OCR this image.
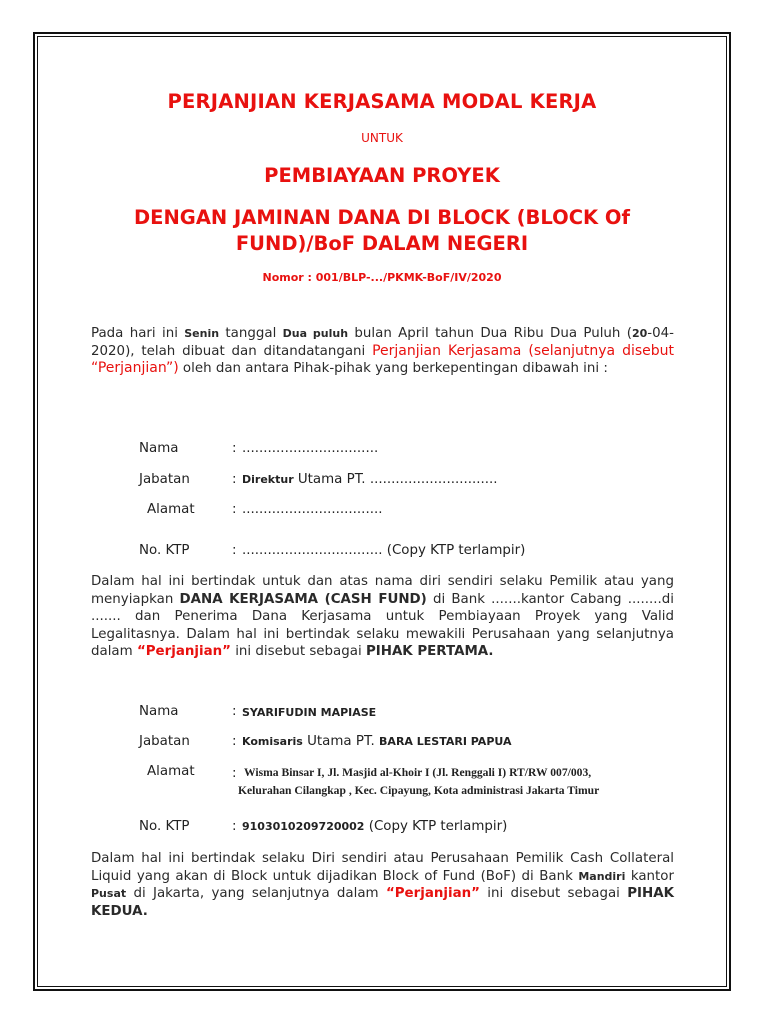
PERJANJIAN KERJASAMA MODAL KERJA
UNTUK
PEMBIAYAAN PROYEK
DENGAN JAMINAN DANA DI BLOCK (BLOCK Of
FUND)/BoF DALAM NEGERI
Nomor : 001/BLP-.../PKMK-BoF/IV/2020
Pada hari ini Senin tanggal Dua puluh bulan April tahun Dua Ribu Dua Puluh (20-04-2020), telah dibuat dan ditandatangani Perjanjian Kerjasama (selanjutnya disebut “Perjanjian”) oleh dan antara Pihak-pihak yang berkepentingan dibawah ini :
Nama	: ................................
Jabatan	: Direktur Utama PT. ..............................
Alamat	: .................................
No. KTP	: ................................. (Copy KTP terlampir)
Dalam hal ini bertindak untuk dan atas nama diri sendiri selaku Pemilik atau yang menyiapkan DANA KERJASAMA (CASH FUND) di Bank .......kantor Cabang ........di ....... dan Penerima Dana Kerjasama untuk Pembiayaan Proyek yang Valid Legalitasnya. Dalam hal ini bertindak selaku mewakili Perusahaan yang selanjutnya dalam “Perjanjian” ini disebut sebagai PIHAK PERTAMA.
Nama	: SYARIFUDIN MAPIASE
Jabatan	: Komisaris Utama PT. BARA LESTARI PAPUA
Alamat	: Wisma Binsar I, Jl. Masjid al-Khoir I (Jl. Renggali I) RT/RW 007/003,
Kelurahan Cilangkap , Kec. Cipayung, Kota administrasi Jakarta Timur
No. KTP	: 9103010209720002 (Copy KTP terlampir)
Dalam hal ini bertindak selaku Diri sendiri atau Perusahaan Pemilik Cash Collateral Liquid yang akan di Block untuk dijadikan Block of Fund (BoF) di Bank Mandiri kantor Pusat di Jakarta, yang selanjutnya dalam “Perjanjian” ini disebut sebagai PIHAK KEDUA.
